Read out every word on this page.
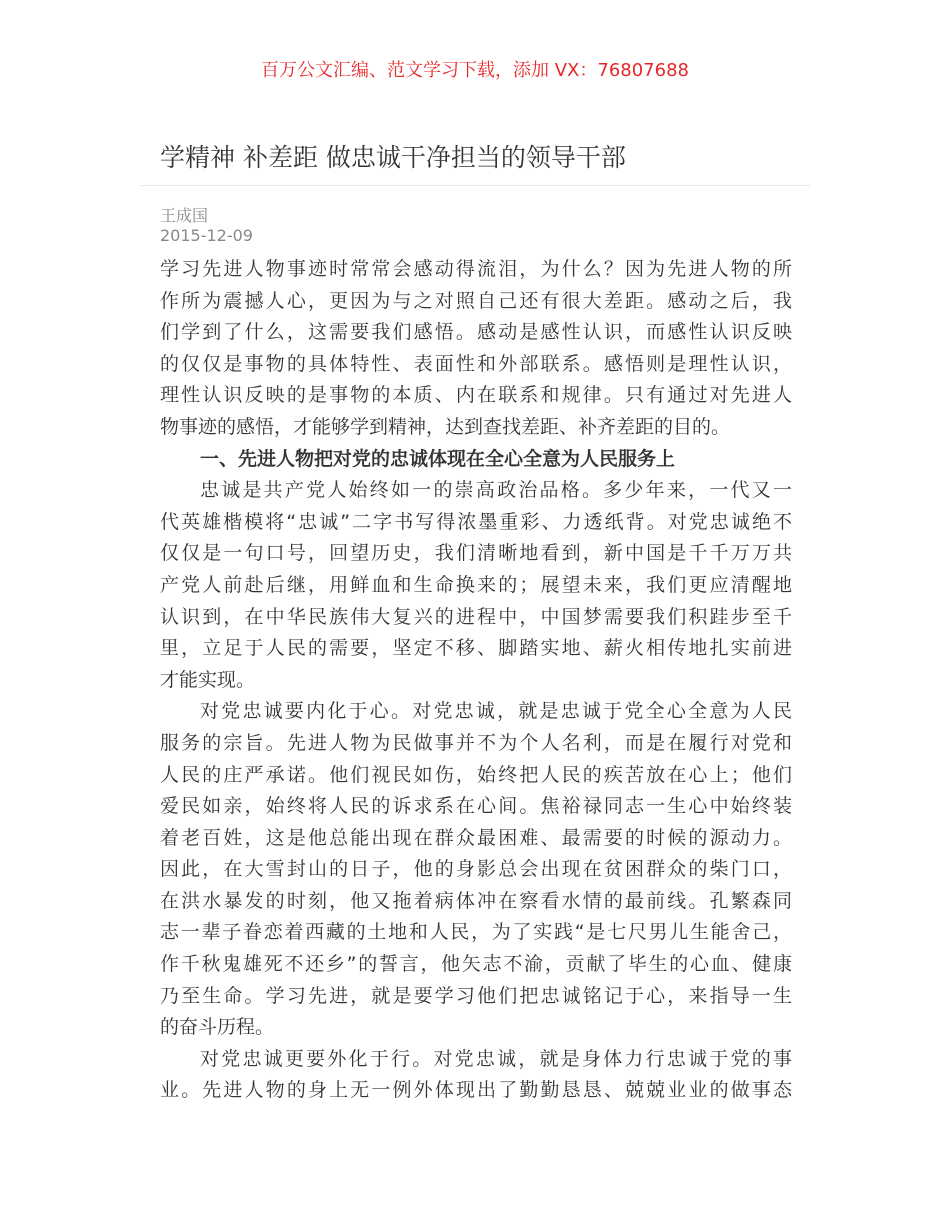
百万公文汇编、范文学习下载，添加 VX：76807688
学精神 补差距 做忠诚干净担当的领导干部
王成国
2015-12-09
学习先进人物事迹时常常会感动得流泪，为什么？因为先进人物的所
作所为震撼人心，更因为与之对照自己还有很大差距。感动之后，我
们学到了什么，这需要我们感悟。感动是感性认识，而感性认识反映
的仅仅是事物的具体特性、表面性和外部联系。感悟则是理性认识，
理性认识反映的是事物的本质、内在联系和规律。只有通过对先进人
物事迹的感悟，才能够学到精神，达到查找差距、补齐差距的目的。
一、先进人物把对党的忠诚体现在全心全意为人民服务上
忠诚是共产党人始终如一的崇高政治品格。多少年来，一代又一
代英雄楷模将“忠诚”二字书写得浓墨重彩、力透纸背。对党忠诚绝不
仅仅是一句口号，回望历史，我们清晰地看到，新中国是千千万万共
产党人前赴后继，用鲜血和生命换来的；展望未来，我们更应清醒地
认识到，在中华民族伟大复兴的进程中，中国梦需要我们积跬步至千
里，立足于人民的需要，坚定不移、脚踏实地、薪火相传地扎实前进
才能实现。
对党忠诚要内化于心。对党忠诚，就是忠诚于党全心全意为人民
服务的宗旨。先进人物为民做事并不为个人名利，而是在履行对党和
人民的庄严承诺。他们视民如伤，始终把人民的疾苦放在心上；他们
爱民如亲，始终将人民的诉求系在心间。焦裕禄同志一生心中始终装
着老百姓，这是他总能出现在群众最困难、最需要的时候的源动力。
因此，在大雪封山的日子，他的身影总会出现在贫困群众的柴门口，
在洪水暴发的时刻，他又拖着病体冲在察看水情的最前线。孔繁森同
志一辈子眷恋着西藏的土地和人民，为了实践“是七尺男儿生能舍己，
作千秋鬼雄死不还乡”的誓言，他矢志不渝，贡献了毕生的心血、健康
乃至生命。学习先进，就是要学习他们把忠诚铭记于心，来指导一生
的奋斗历程。
对党忠诚更要外化于行。对党忠诚，就是身体力行忠诚于党的事
业。先进人物的身上无一例外体现出了勤勤恳恳、兢兢业业的做事态
